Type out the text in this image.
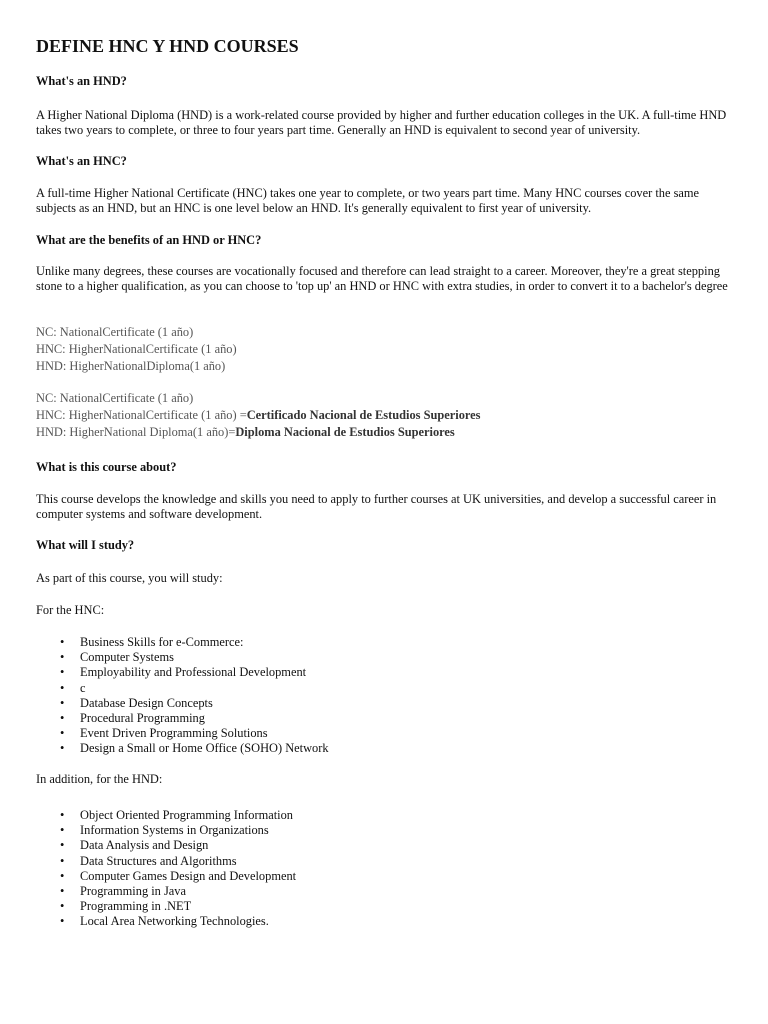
DEFINE HNC Y HND COURSES

What's an HND?

A Higher National Diploma (HND) is a work-related course provided by higher and further education colleges in the UK. A full-time HND takes two years to complete, or three to four years part time. Generally an HND is equivalent to second year of university.

What's an HNC?

A full-time Higher National Certificate (HNC) takes one year to complete, or two years part time. Many HNC courses cover the same subjects as an HND, but an HNC is one level below an HND. It's generally equivalent to first year of university.

What are the benefits of an HND or HNC?

Unlike many degrees, these courses are vocationally focused and therefore can lead straight to a career. Moreover, they're a great stepping stone to a higher qualification, as you can choose to 'top up' an HND or HNC with extra studies, in order to convert it to a bachelor's degree

NC: NationalCertificate (1 año)
HNC: HigherNationalCertificate (1 año)
HND: HigherNationalDiploma(1 año)
NC: NationalCertificate (1 año)
HNC: HigherNationalCertificate (1 año) =Certificado Nacional de Estudios Superiores
HND: HigherNational Diploma(1 año)=Diploma Nacional de Estudios Superiores

What is this course about?

This course develops the knowledge and skills you need to apply to further courses at UK universities, and develop a successful career in computer systems and software development.

What will I study?

As part of this course, you will study:

For the HNC:

• Business Skills for e-Commerce:
• Computer Systems
• Employability and Professional Development
• c
• Database Design Concepts
• Procedural Programming
• Event Driven Programming Solutions
• Design a Small or Home Office (SOHO) Network

In addition, for the HND:

• Object Oriented Programming Information
• Information Systems in Organizations
• Data Analysis and Design
• Data Structures and Algorithms
• Computer Games Design and Development
• Programming in Java
• Programming in .NET
• Local Area Networking Technologies.
